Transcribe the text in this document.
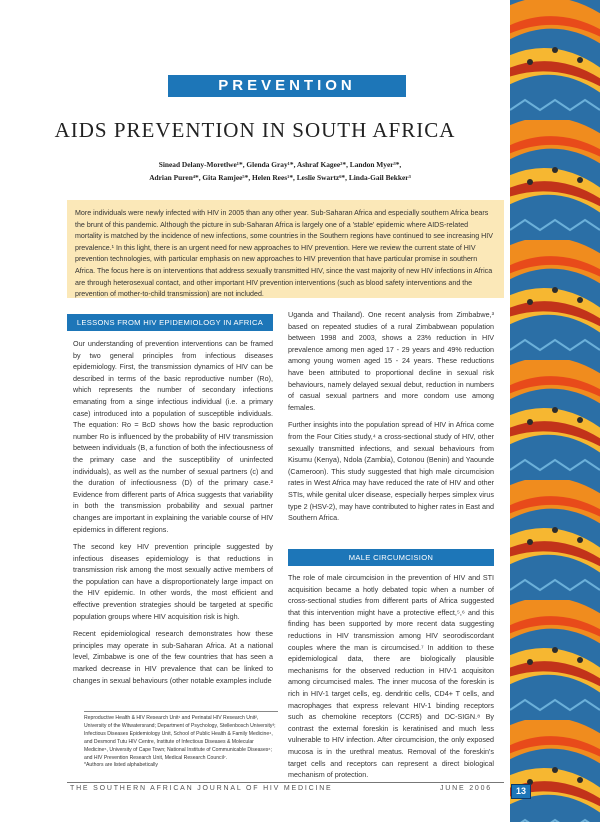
PREVENTION
AIDS PREVENTION IN SOUTH AFRICA
Sinead Delany-Moretlwe¹*, Glenda Gray¹*, Ashraf Kagee²*, Landon Myer³*,
Adrian Puren⁴*, Gita Ramjee⁵*, Helen Rees¹*, Leslie Swartz⁶*, Linda-Gail Bekker³
More individuals were newly infected with HIV in 2005 than any other year. Sub-Saharan Africa and especially southern Africa bears the brunt of this pandemic. Although the picture in sub-Saharan Africa is largely one of a 'stable' epidemic where AIDS-related mortality is matched by the incidence of new infections, some countries in the Southern regions have continued to see increasing HIV prevalence.¹ In this light, there is an urgent need for new approaches to HIV prevention. Here we review the current state of HIV prevention technologies, with particular emphasis on new approaches to HIV prevention that have particular promise in southern Africa. The focus here is on interventions that address sexually transmitted HIV, since the vast majority of new HIV infections in Africa are through heterosexual contact, and other important HIV prevention interventions (such as blood safety interventions and the prevention of mother-to-child transmission) are not included.
LESSONS FROM HIV EPIDEMIOLOGY IN AFRICA

Our understanding of prevention interventions can be framed by two general principles from infectious diseases epidemiology. First, the transmission dynamics of HIV can be described in terms of the basic reproductive number (Ro), which represents the number of secondary infections emanating from a singe infectious individual (i.e. a primary case) introduced into a population of susceptible individuals. The equation: Ro = BcD shows how the basic reproduction number Ro is influenced by the probability of HIV transmission between individuals (B, a function of both the infectiousness of the primary case and the susceptibility of uninfected individuals), as well as the number of sexual partners (c) and the duration of infectiousness (D) of the primary case.² Evidence from different parts of Africa suggests that variability in both the transmission probability and sexual partner changes are important in explaining the variable course of HIV epidemics in different regions.

The second key HIV prevention principle suggested by infectious diseases epidemiology is that reductions in transmission risk among the most sexually active members of the population can have a disproportionately large impact on the HIV epidemic. In other words, the most efficient and effective prevention strategies should be targeted at specific population groups where HIV acquisition risk is high.

Recent epidemiological research demonstrates how these principles may operate in sub-Saharan Africa. At a national level, Zimbabwe is one of the few countries that has seen a marked decrease in HIV prevalence that can be linked to changes in sexual behaviours (other notable examples include

Uganda and Thailand). One recent analysis from Zimbabwe,³ based on repeated studies of a rural Zimbabwean population between 1998 and 2003, shows a 23% reduction in HIV prevalence among men aged 17 - 29 years and 49% reduction among young women aged 15 - 24 years. These reductions have been attributed to proportional decline in sexual risk behaviours, namely delayed sexual debut, reduction in numbers of casual sexual partners and more condom use among females.

Further insights into the population spread of HIV in Africa come from the Four Cities study,⁴ a cross-sectional study of HIV, other sexually transmitted infections, and sexual behaviours from Kisumu (Kenya), Ndola (Zambia), Cotonou (Benin) and Yaounde (Cameroon). This study suggested that high male circumcision rates in West Africa may have reduced the rate of HIV and other STIs, while genital ulcer disease, especially herpes simplex virus type 2 (HSV-2), may have contributed to higher rates in East and Southern Africa.

MALE CIRCUMCISION

The role of male circumcision in the prevention of HIV and STI acquisition became a hotly debated topic when a number of cross-sectional studies from different parts of Africa suggested that this intervention might have a protective effect,⁵,⁶ and this finding has been supported by more recent data suggesting reductions in HIV transmission among HIV seorodiscordant couples where the man is circumcised.⁷ In addition to these epidemiological data, there are biologically plausible mechanisms for the observed reduction in HIV-1 acquisiton among circumcised males. The inner mucosa of the foreskin is rich in HIV-1 target cells, eg. dendritic cells, CD4+ T cells, and macrophages that express relevant HIV-1 binding receptors such as chemokine receptors (CCR5) and DC-SIGN.⁸ By contrast the external foreskin is keratinised and much less vulnerable to HIV infection. After circumcision, the only exposed mucosa is in the urethral meatus. Removal of the foreskin's target cells and receptors can represent a direct biological mechanism of protection.

Reproductive Health & HIV Research Unit¹ and Perinatal HIV Research Unit², University of the Witwatersrand; Department of Psychology, Stellenbosch University³; Infectious Diseases Epidemiology Unit, School of Public Health & Family Medicine⁴, and Desmond Tutu HIV Centre, Institute of Infectious Diseases & Molecular Medicine⁵, University of Cape Town; National Institute of Communicable Diseases⁶; and HIV Prevention Research Unit, Medical Research Council⁷.
*Authors are listed alphabetically
THE SOUTHERN AFRICAN JOURNAL OF HIV MEDICINE	JUNE 2006	13
